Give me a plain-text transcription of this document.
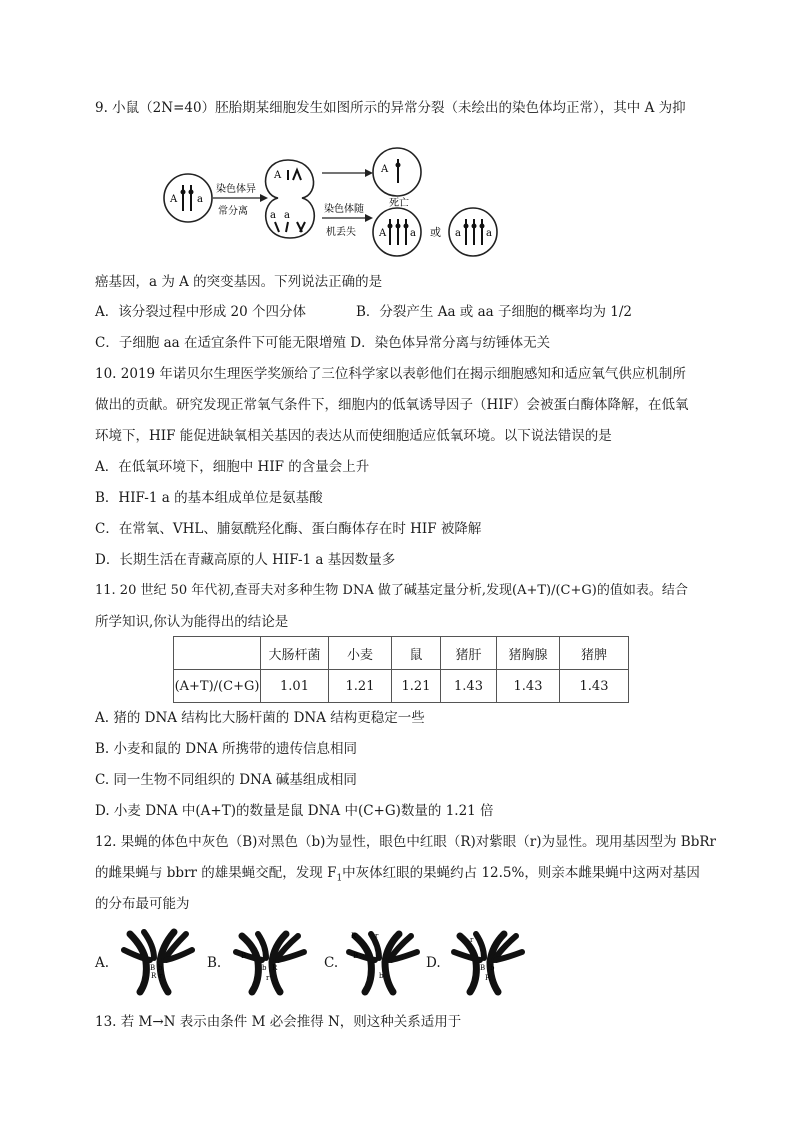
9. 小鼠（2N=40）胚胎期某细胞发生如图所示的异常分裂（未绘出的染色体均正常），其中 A 为抑
A a
染色体异
常分离
A
a a
染色体随
机丢失
A
死亡
A a 或 a	a
癌基因，a 为 A 的突变基因。下列说法正确的是
A．该分裂过程中形成 20 个四分体	B．分裂产生 Aa 或 aa 子细胞的概率均为 1/2
C．子细胞 aa 在适宜条件下可能无限增殖 D．染色体异常分离与纺锤体无关
10. 2019 年诺贝尔生理医学奖颁给了三位科学家以表彰他们在揭示细胞感知和适应氧气供应机制所
做出的贡献。研究发现正常氧气条件下，细胞内的低氧诱导因子（HIF）会被蛋白酶体降解，在低氧
环境下，HIF 能促进缺氧相关基因的表达从而使细胞适应低氧环境。以下说法错误的是
A．在低氧环境下，细胞中 HIF 的含量会上升
B．HIF-1 a 的基本组成单位是氨基酸
C．在常氧、VHL、脯氨酰羟化酶、蛋白酶体存在时 HIF 被降解
D．长期生活在青藏高原的人 HIF-1 a 基因数量多
11. 20 世纪 50 年代初,查哥夫对多种生物 DNA 做了碱基定量分析,发现(A+T)/(C+G)的值如表。结合
所学知识,你认为能得出的结论是
	大肠杆菌	小麦	鼠	猪肝	猪胸腺	猪脾
(A+T)/(C+G)	1.01	1.21	1.21	1.43	1.43	1.43
A. 猪的 DNA 结构比大肠杆菌的 DNA 结构更稳定一些
B. 小麦和鼠的 DNA 所携带的遗传信息相同
C. 同一生物不同组织的 DNA 碱基组成相同
D. 小麦 DNA 中(A+T)的数量是鼠 DNA 中(C+G)数量的 1.21 倍
12. 果蝇的体色中灰色（B)对黑色（b)为显性，眼色中红眼（R)对紫眼（r)为显性。现用基因型为 BbRr
的雌果蝇与 bbrr 的雄果蝇交配，发现 $F_1$中灰体红眼的果蝇约占 12.5%，则亲本雌果蝇中这两对基因
的分布最可能为
A.	B b
R r
B.	B
b R
r
C.
R	r
B
b
D.
r
B b
R
13. 若 M→N 表示由条件 M 必会推得 N，则这种关系适用于
